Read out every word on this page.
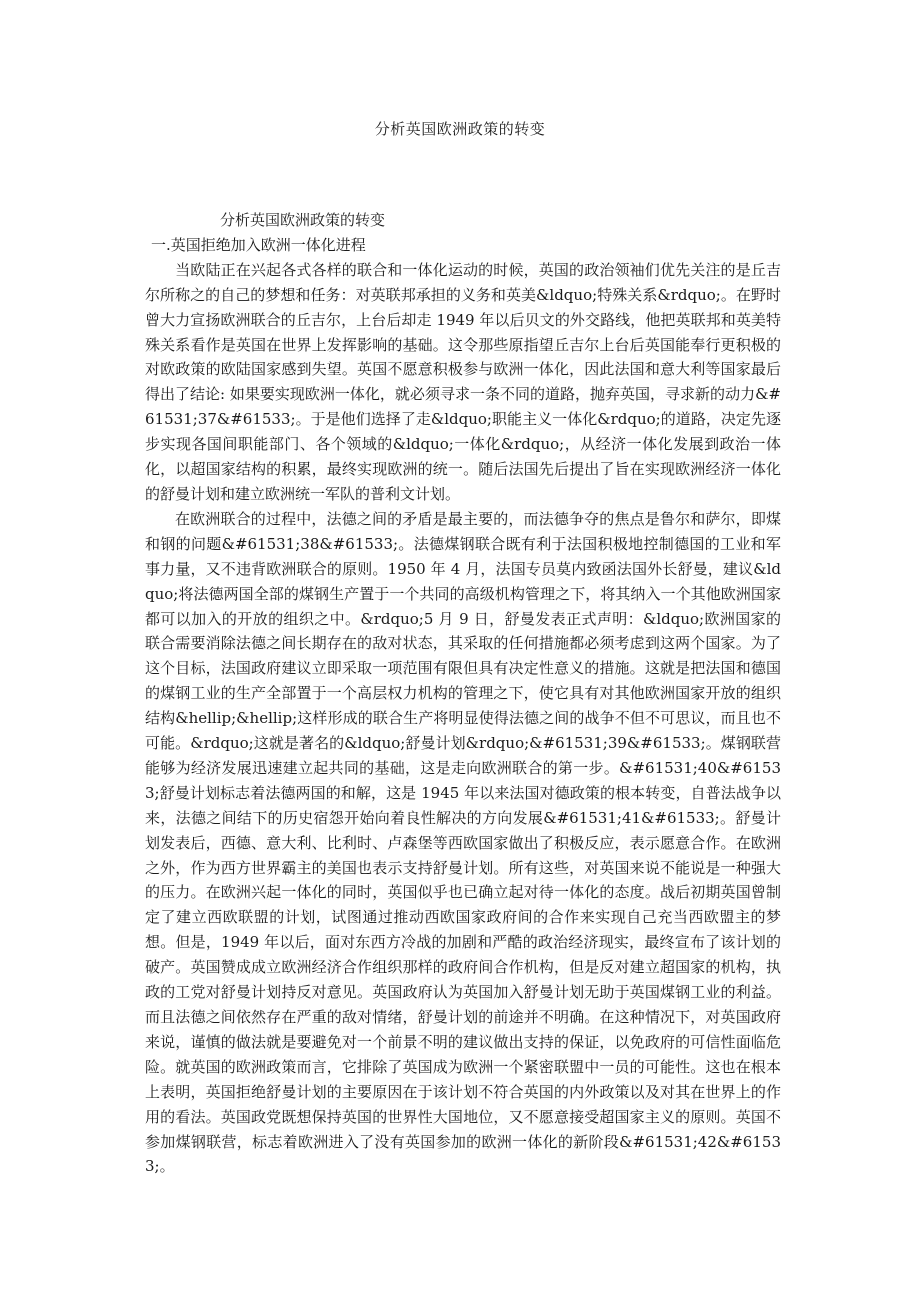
分析英国欧洲政策的转变

分析英国欧洲政策的转变

一.英国拒绝加入欧洲一体化进程

当欧陆正在兴起各式各样的联合和一体化运动的时候，英国的政治领袖们优先关注的是丘吉尔所称之的自己的梦想和任务：对英联邦承担的义务和英美&ldquo;特殊关系&rdquo;。在野时曾大力宣扬欧洲联合的丘吉尔，上台后却走 1949 年以后贝文的外交路线，他把英联邦和英美特殊关系看作是英国在世界上发挥影响的基础。这令那些原指望丘吉尔上台后英国能奉行更积极的对欧政策的欧陆国家感到失望。英国不愿意积极参与欧洲一体化，因此法国和意大利等国家最后得出了结论: 如果要实现欧洲一体化，就必须寻求一条不同的道路，抛弃英国，寻求新的动力&#61531;37&#61533;。于是他们选择了走&ldquo;职能主义一体化&rdquo;的道路，决定先逐步实现各国间职能部门、各个领域的&ldquo;一体化&rdquo;，从经济一体化发展到政治一体化，以超国家结构的积累，最终实现欧洲的统一。随后法国先后提出了旨在实现欧洲经济一体化的舒曼计划和建立欧洲统一军队的普利文计划。

在欧洲联合的过程中，法德之间的矛盾是最主要的，而法德争夺的焦点是鲁尔和萨尔，即煤和钢的问题&#61531;38&#61533;。法德煤钢联合既有利于法国积极地控制德国的工业和军事力量，又不违背欧洲联合的原则。1950 年 4 月，法国专员莫内致函法国外长舒曼，建议&ldquo;将法德两国全部的煤钢生产置于一个共同的高级机构管理之下，将其纳入一个其他欧洲国家都可以加入的开放的组织之中。&rdquo;5 月 9 日，舒曼发表正式声明：&ldquo;欧洲国家的联合需要消除法德之间长期存在的敌对状态，其采取的任何措施都必须考虑到这两个国家。为了这个目标，法国政府建议立即采取一项范围有限但具有决定性意义的措施。这就是把法国和德国的煤钢工业的生产全部置于一个高层权力机构的管理之下，使它具有对其他欧洲国家开放的组织结构&hellip;&hellip;这样形成的联合生产将明显使得法德之间的战争不但不可思议，而且也不可能。&rdquo;这就是著名的&ldquo;舒曼计划&rdquo;&#61531;39&#61533;。煤钢联营能够为经济发展迅速建立起共同的基础，这是走向欧洲联合的第一步。&#61531;40&#61533;舒曼计划标志着法德两国的和解，这是 1945 年以来法国对德政策的根本转变，自普法战争以来，法德之间结下的历史宿怨开始向着良性解决的方向发展&#61531;41&#61533;。舒曼计划发表后，西德、意大利、比利时、卢森堡等西欧国家做出了积极反应，表示愿意合作。在欧洲之外，作为西方世界霸主的美国也表示支持舒曼计划。所有这些，对英国来说不能说是一种强大的压力。在欧洲兴起一体化的同时，英国似乎也已确立起对待一体化的态度。战后初期英国曾制定了建立西欧联盟的计划，试图通过推动西欧国家政府间的合作来实现自己充当西欧盟主的梦想。但是，1949 年以后，面对东西方冷战的加剧和严酷的政治经济现实，最终宣布了该计划的破产。英国赞成成立欧洲经济合作组织那样的政府间合作机构，但是反对建立超国家的机构，执政的工党对舒曼计划持反对意见。英国政府认为英国加入舒曼计划无助于英国煤钢工业的利益。而且法德之间依然存在严重的敌对情绪，舒曼计划的前途并不明确。在这种情况下，对英国政府来说，谨慎的做法就是要避免对一个前景不明的建议做出支持的保证，以免政府的可信性面临危险。就英国的欧洲政策而言，它排除了英国成为欧洲一个紧密联盟中一员的可能性。这也在根本上表明，英国拒绝舒曼计划的主要原因在于该计划不符合英国的内外政策以及对其在世界上的作用的看法。英国政党既想保持英国的世界性大国地位，又不愿意接受超国家主义的原则。英国不参加煤钢联营，标志着欧洲进入了没有英国参加的欧洲一体化的新阶段&#61531;42&#61533;。
